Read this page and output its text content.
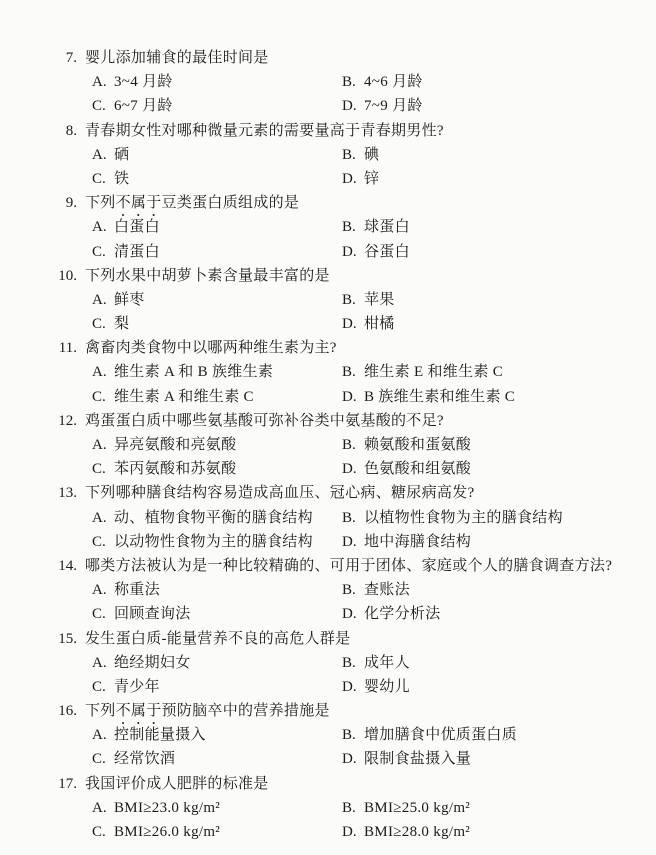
7. 婴儿添加辅食的最佳时间是
A. 3~4 月龄	B. 4~6 月龄
C. 6~7 月龄	D. 7~9 月龄
8. 青春期女性对哪种微量元素的需要量高于青春期男性?
A. 硒	B. 碘
C. 铁	D. 锌
9. 下列不属于豆类蛋白质组成的是
A. 白蛋白	B. 球蛋白
C. 清蛋白	D. 谷蛋白
10. 下列水果中胡萝卜素含量最丰富的是
A. 鲜枣	B. 苹果
C. 梨	D. 柑橘
11. 禽畜肉类食物中以哪两种维生素为主?
A. 维生素 A 和 B 族维生素	B. 维生素 E 和维生素 C
C. 维生素 A 和维生素 C	D. B 族维生素和维生素 C
12. 鸡蛋蛋白质中哪些氨基酸可弥补谷类中氨基酸的不足?
A. 异亮氨酸和亮氨酸	B. 赖氨酸和蛋氨酸
C. 苯丙氨酸和苏氨酸	D. 色氨酸和组氨酸
13. 下列哪种膳食结构容易造成高血压、冠心病、糖尿病高发?
A. 动、植物食物平衡的膳食结构 B. 以植物性食物为主的膳食结构
C. 以动物性食物为主的膳食结构 D. 地中海膳食结构
14. 哪类方法被认为是一种比较精确的、可用于团体、家庭或个人的膳食调查方法?
A. 称重法	B. 查账法
C. 回顾查询法	D. 化学分析法
15. 发生蛋白质-能量营养不良的高危人群是
A. 绝经期妇女	B. 成年人
C. 青少年	D. 婴幼儿
16. 下列不属于预防脑卒中的营养措施是
A. 控制能量摄入	B. 增加膳食中优质蛋白质
C. 经常饮酒	D. 限制食盐摄入量
17. 我国评价成人肥胖的标准是
A. BMI≥23.0 kg/m²	B. BMI≥25.0 kg/m²
C. BMI≥26.0 kg/m²	D. BMI≥28.0 kg/m²
